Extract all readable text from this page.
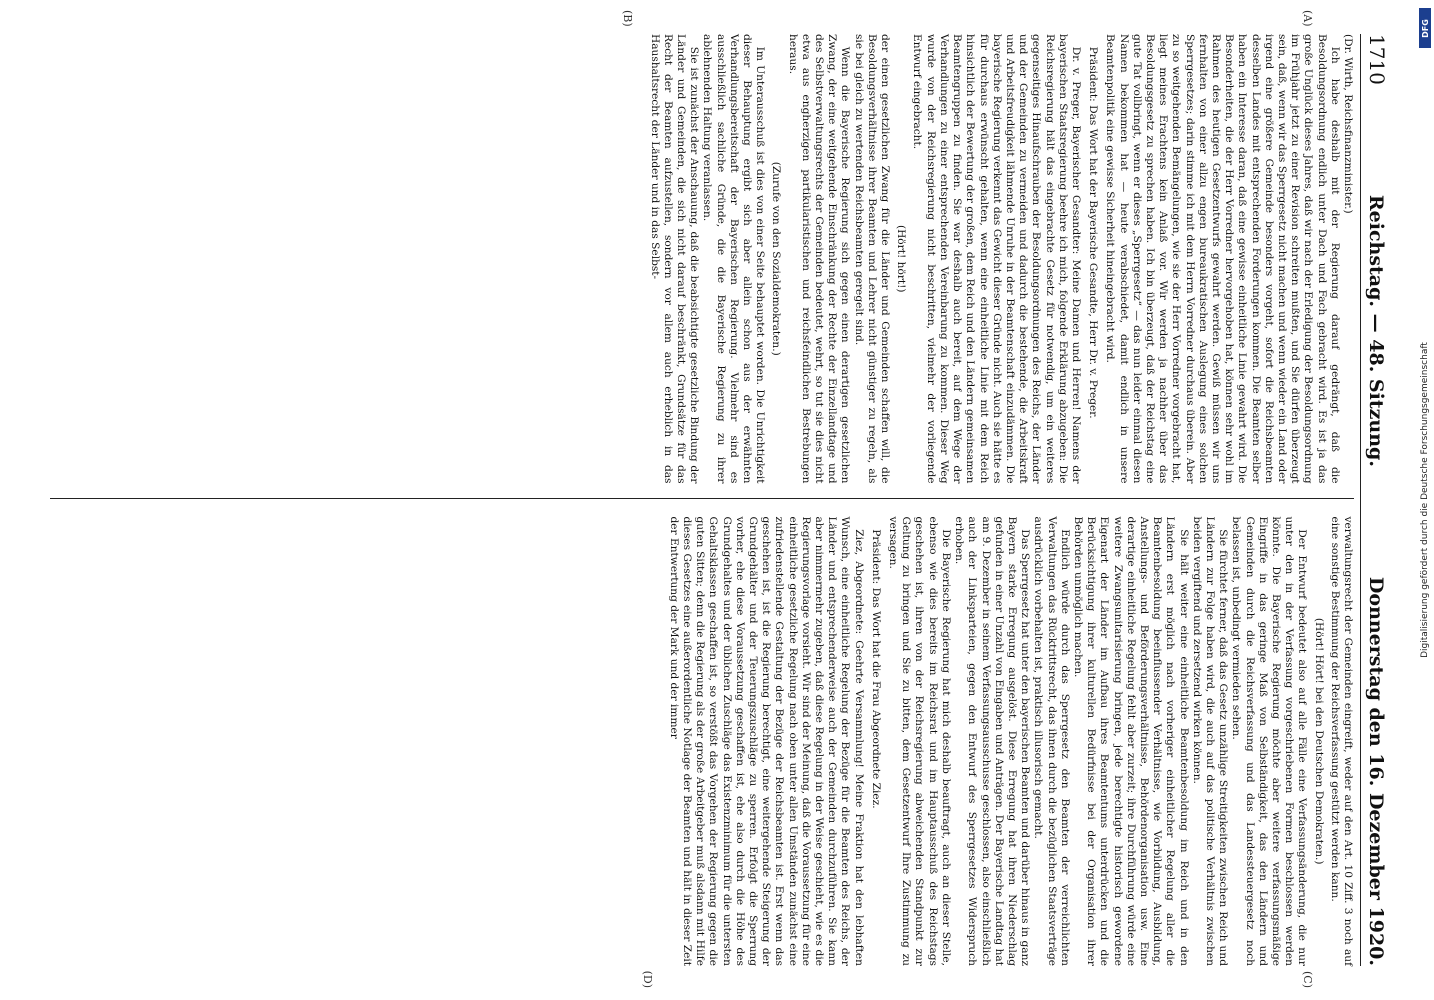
DFG
Digitalisierung gefördert durch die Deutsche Forschungsgemeinschaft
1710
Reichstag. — 48. Sitzung.
Donnerstag den 16. Dezember 1920.
(A)
(B)

(Dr. Wirth, Reichsfinanzminister.)

Ich habe deshalb mit der Regierung darauf gedrängt, daß die Besoldungsordnung endlich unter Dach und Fach gebracht wird. Es ist ja das große Unglück dieses Jahres, daß wir nach der Erledigung der Besoldungsordnung im Frühjahr jetzt zu einer Revision schreiten mußten, und Sie dürfen überzeugt sein, daß, wenn wir das Sperrgesetz nicht machen und wenn wieder ein Land oder irgend eine größere Gemeinde besonders vorgeht, sofort die Reichsbeamten desselben Landes mit entsprechenden Forderungen kommen. Die Beamten selber haben ein Interesse daran, daß eine gewisse einheitliche Linie gewahrt wird. Die Besonderheiten, die der Herr Vorredner hervorgehoben hat, können sehr wohl im Rahmen des heutigen Gesetzentwurfs gewahrt werden. Gewiß müssen wir uns fernhalten von einer allzu engen bureaukratischen Auslegung eines solchen Sperrgesetzes; darin stimme ich mit dem Herrn Vorredner durchaus überein. Aber zu so weitgehenden Bemängelungen, wie sie der Herr Vorredner vorgebracht hat, liegt meines Erachtens kein Anlaß vor. Wir werden ja nachher über das Besoldungsgesetz zu sprechen haben. Ich bin überzeugt, daß der Reichstag eine gute Tat vollbringt, wenn er dieses „Sperrgesetz“ — das nun leider einmal diesen Namen bekommen hat — heute verabschiedet, damit endlich in unsere Beamtenpolitik eine gewisse Sicherheit hineingebracht wird.

Präsident: Das Wort hat der Bayerische Gesandte, Herr Dr. v. Preger.

Dr. v. Preger, Bayerischer Gesandter: Meine Damen und Herren! Namens der bayerischen Staatsregierung beehre ich mich, folgende Erklärung abzugeben: Die Reichsregierung hält das eingebrachte Gesetz für notwendig, um ein weiteres gegenseitiges Hinaufschrauben der Besoldungsordnungen des Reichs, der Länder und der Gemeinden zu vermeiden und dadurch die bestehende, die Arbeitskraft und Arbeitsfreudigkeit lähmende Unruhe in der Beamtenschaft einzudämmen. Die bayerische Regierung verkennt das Gewicht dieser Gründe nicht. Auch sie hätte es für durchaus erwünscht gehalten, wenn eine einheitliche Linie mit dem Reich hinsichtlich der Bewertung der großen, dem Reich und den Ländern gemeinsamen Beamtengruppen zu finden. Sie war deshalb auch bereit, auf dem Wege der Verhandlungen zu einer entsprechenden Vereinbarung zu kommen. Dieser Weg wurde von der Reichsregierung nicht beschritten, vielmehr der vorliegende Entwurf eingebracht.

(Hört! hört!)

der einen gesetzlichen Zwang für die Länder und Gemeinden schaffen will, die Besoldungsverhältnisse ihrer Beamten und Lehrer nicht günstiger zu regeln, als sie bei gleich zu wertenden Reichsbeamten geregelt sind.

Wenn die Bayerische Regierung sich gegen einen derartigen gesetzlichen Zwang, der eine weitgehende Einschränkung der Rechte der Einzellandtage und des Selbstverwaltungsrechts der Gemeinden bedeutet, wehrt, so tut sie dies nicht etwa aus engherzigen partikularistischen und reichsfeindlichen Bestrebungen heraus.

(Zurufe von den Sozialdemokraten.)

Im Unterausschuß ist dies von einer Seite behauptet worden. Die Unrichtigkeit dieser Behauptung ergibt sich aber allein schon aus der erwähnten Verhandlungsbereitschaft der Bayerischen Regierung. Vielmehr sind es ausschließlich sachliche Gründe, die die Bayerische Regierung zu ihrer ablehnenden Haltung veranlassen.

Sie ist zunächst der Anschauung, daß die beabsichtigte gesetzliche Bindung der Länder und Gemeinden, die sich nicht darauf beschränkt, Grundsätze für das Recht der Beamten aufzustellen, sondern vor allem auch erheblich in das Haushaltsrecht der Länder und in das Selbst-

(C)
(D)

verwaltungsrecht der Gemeinden eingreift, weder auf den Art. 10 Ziff. 3 noch auf eine sonstige Bestimmung der Reichsverfassung gestützt werden kann.

(Hört! Hört! bei den Deutschen Demokraten.)

Der Entwurf bedeutet also auf alle Fälle eine Verfassungsänderung, die nur unter den in der Verfassung vorgeschriebenen Formen beschlossen werden könnte. Die Bayerische Regierung möchte aber weitere verfassungsmäßige Eingriffe in das geringe Maß von Selbständigkeit, das den Ländern und Gemeinden durch die Reichsverfassung und das Landessteuergesetz noch belassen ist, unbedingt vermieden sehen.

Sie fürchtet ferner, daß das Gesetz unzählige Streitigkeiten zwischen Reich und Ländern zur Folge haben wird, die auch auf das politische Verhältnis zwischen beiden vergiftend und zersetzend wirken können.

Sie hält weiter eine einheitliche Beamtenbesoldung im Reich und in den Ländern erst möglich nach vorheriger einheitlicher Regelung aller die Beamtenbesoldung beeinflussender Verhältnisse, wie Vorbildung, Ausbildung, Anstellungs- und Beförderungsverhältnisse, Behördenorganisation usw. Eine derartige einheitliche Regelung fehlt aber zurzeit; ihre Durchführung würde eine weitere Zwangsunitarisierung bringen, jede berechtigte historisch gewordene Eigenart der Länder im Aufbau ihres Beamtentums unterdrücken und die Berücksichtigung ihrer kulturellen Bedürfnisse bei der Organisation ihrer Behörden unmöglich machen.

Endlich würde durch das Sperrgesetz den Beamten der verreichlichten Verwaltungen das Rücktrittsrecht, das ihnen durch die bezüglichen Staatsverträge ausdrücklich vorbehalten ist, praktisch illusorisch gemacht.

Das Sperrgesetz hat unter den bayerischen Beamten und darüber hinaus in ganz Bayern starke Erregung ausgelöst. Diese Erregung hat ihren Niederschlag gefunden in einer Unzahl von Eingaben und Anträgen. Der Bayerische Landtag hat am 9. Dezember in seinem Verfassungsausschusse geschlossen, also einschließlich auch der Linksparteien, gegen den Entwurf des Sperrgesetzes Widerspruch erhoben.

Die Bayerische Regierung hat mich deshalb beauftragt, auch an dieser Stelle, ebenso wie dies bereits im Reichsrat und im Hauptausschuß des Reichstags geschehen ist, ihren von der Reichsregierung abweichenden Standpunkt zur Geltung zu bringen und Sie zu bitten, dem Gesetzentwurf Ihre Zustimmung zu versagen.

Präsident: Das Wort hat die Frau Abgeordnete Ziez.

Ziez, Abgeordnete: Geehrte Versammlung! Meine Fraktion hat den lebhaften Wunsch, eine einheitliche Regelung der Bezüge für die Beamten des Reichs, der Länder und entsprechenderweise auch der Gemeinden durchzuführen. Sie kann aber nimmermehr zugeben, daß diese Regelung in der Weise geschieht, wie es die Regierungsvorlage vorsieht. Wir sind der Meinung, daß die Voraussetzung für eine einheitliche gesetzliche Regelung nach oben unter allen Umständen zunächst eine zufriedenstellende Gestaltung der Bezüge der Reichsbeamten ist. Erst wenn das geschehen ist, ist die Regierung berechtigt, eine weitergehende Steigerung der Grundgehälter und der Teuerungszuschläge zu sperren. Erfolgt die Sperrung vorher, ehe diese Voraussetzung geschaffen ist, ehe also durch die Höhe des Grundgehaltes und der üblichen Zuschläge das Existenzminimum für die untersten Gehaltsklassen geschaffen ist, so verstößt das Vorgehen der Regierung gegen die guten Sitten; denn die Regierung als der große Arbeitgeber muß alsdann mit Hilfe dieses Gesetzes eine außerordentliche Notlage der Beamten und hält in dieser Zeit der Entwertung der Mark und der immer
